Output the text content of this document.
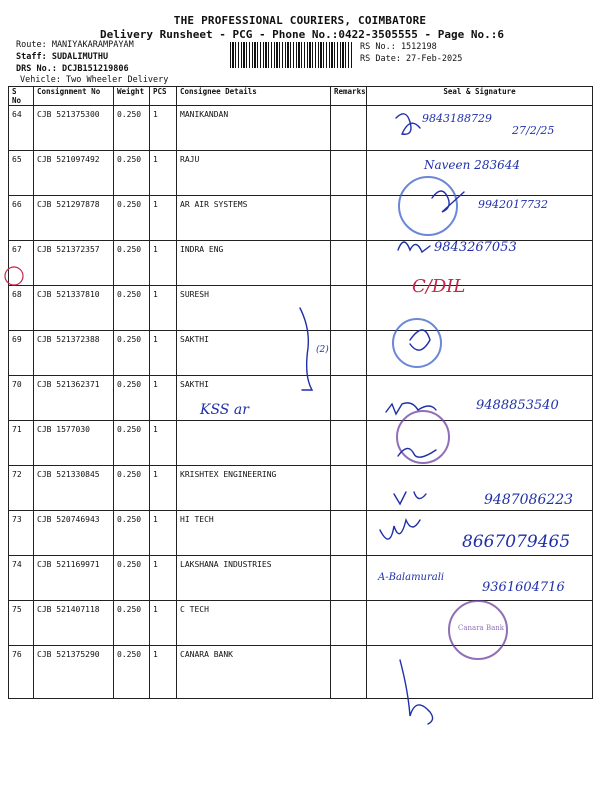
THE PROFESSIONAL COURIERS, COIMBATORE
Delivery Runsheet - PCG - Phone No.:0422-3505555 - Page No.:6
Route: MANIYAKARAMPAYAM
Staff: SUDALIMUTHU
DRS No.: DCJB151219806
Vehicle: Two Wheeler Delivery
RS No.: 1512198
RS Date: 27-Feb-2025
S No	Consignment No	Weight	PCS	Consignee Details	Remarks	Seal & Signature
64	CJB 521375300	0.250	1	MANIKANDAN		
65	CJB 521097492	0.250	1	RAJU		
66	CJB 521297878	0.250	1	AR AIR SYSTEMS		
67	CJB 521372357	0.250	1	INDRA ENG		
68	CJB 521337810	0.250	1	SURESH		
69	CJB 521372388	0.250	1	SAKTHI		
70	CJB 521362371	0.250	1	SAKTHI		
71	CJB 1577030	0.250	1			
72	CJB 521330845	0.250	1	KRISHTEX ENGINEERING		
73	CJB 520746943	0.250	1	HI TECH		
74	CJB 521169971	0.250	1	LAKSHANA INDUSTRIES		
75	CJB 521407118	0.250	1	C TECH		
76	CJB 521375290	0.250	1	CANARA BANK		
Canara Bank
9843188729
27/2/25
Naveen 283644
9942017732
9843267053
C/DIL
(2)
KSS ar	9488853540
9487086223
8667079465
A-Balamurali
9361604716
